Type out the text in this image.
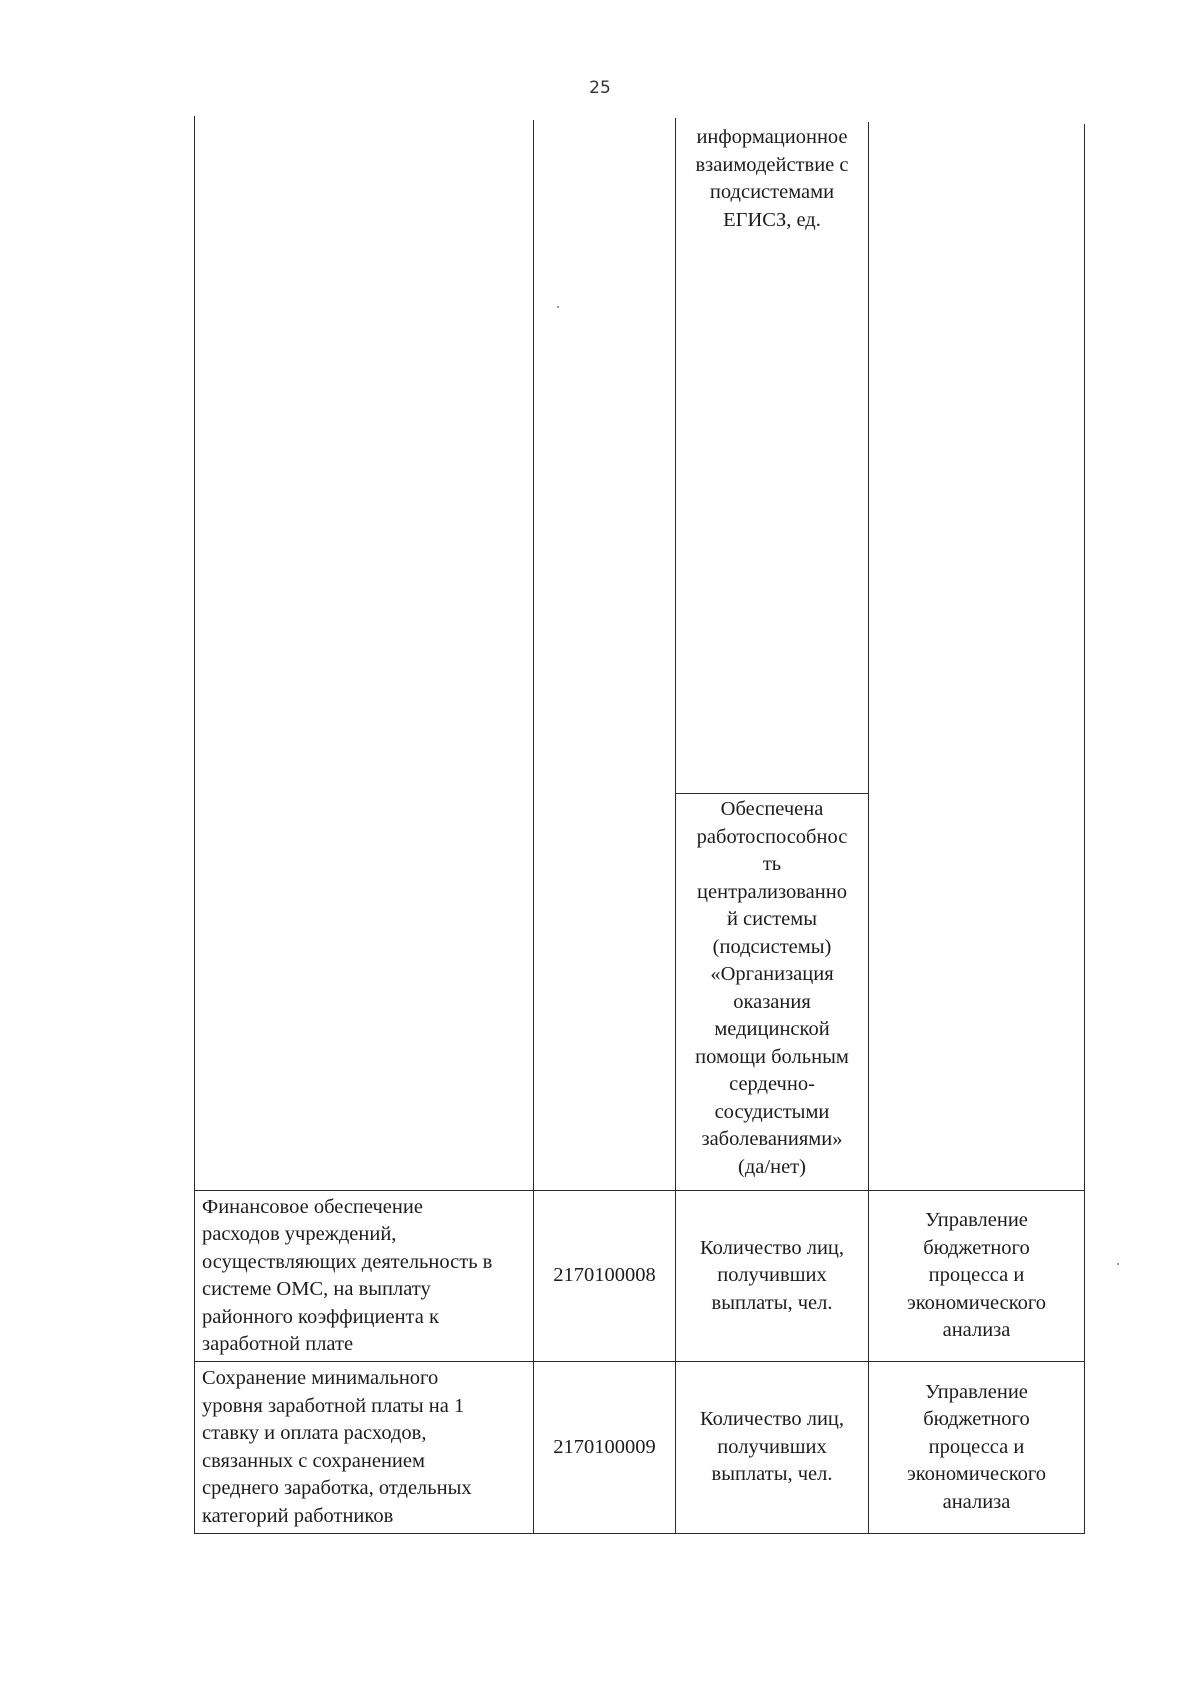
25
информационное
взаимодействие с
подсистемами
ЕГИСЗ, ед.
Обеспечена
работоспособнос
ть
централизованно
й системы
(подсистемы)
«Организация
оказания
медицинской
помощи больным
сердечно-
сосудистыми
заболеваниями»
(да/нет)
Финансовое обеспечение
расходов учреждений,
осуществляющих деятельность в
системе ОМС, на выплату
районного коэффициента к
заработной плате
2170100008
Количество лиц,
получивших
выплаты, чел.
Управление
бюджетного
процесса и
экономического
анализа
Сохранение минимального
уровня заработной платы на 1
ставку и оплата расходов,
связанных с сохранением
среднего заработка, отдельных
категорий работников
2170100009
Количество лиц,
получивших
выплаты, чел.
Управление
бюджетного
процесса и
экономического
анализа
